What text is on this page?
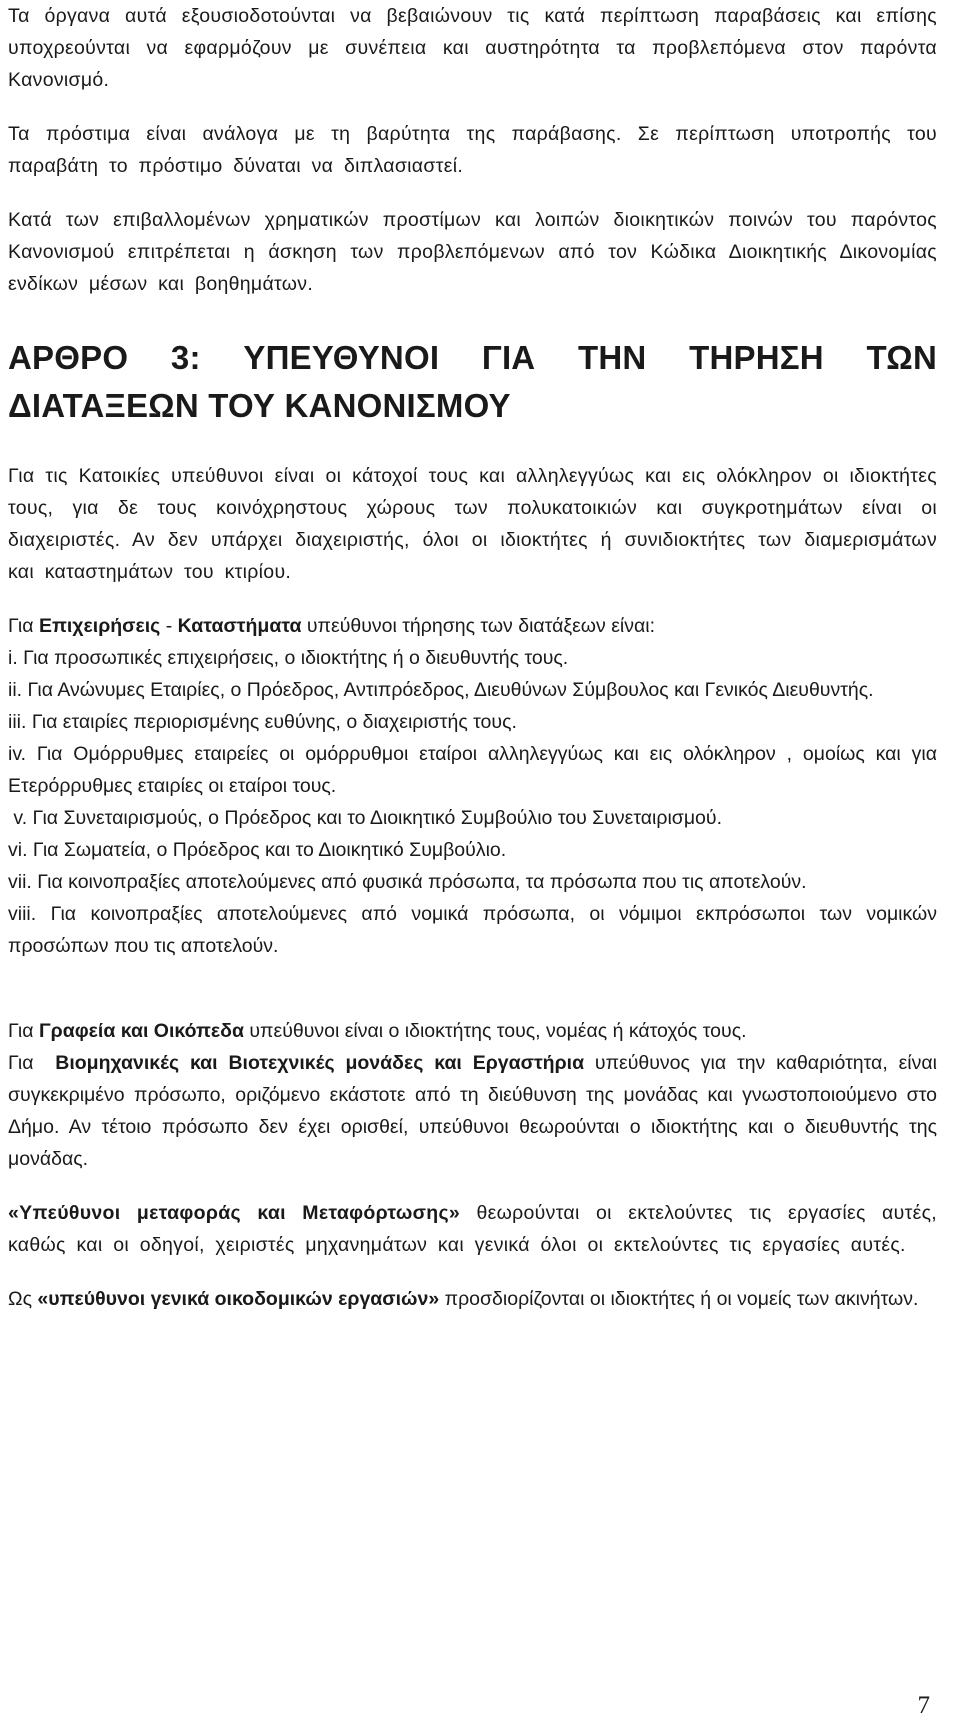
Τα όργανα αυτά εξουσιοδοτούνται να βεβαιώνουν τις κατά περίπτωση παραβάσεις και επίσης υποχρεούνται να εφαρμόζουν με συνέπεια και αυστηρότητα τα προβλεπόμενα στον παρόντα Κανονισμό.

Τα πρόστιμα είναι ανάλογα με τη βαρύτητα της παράβασης. Σε περίπτωση υποτροπής του παραβάτη το πρόστιμο δύναται να διπλασιαστεί.

Κατά των επιβαλλομένων χρηματικών προστίμων και λοιπών διοικητικών ποινών του παρόντος Κανονισμού επιτρέπεται η άσκηση των προβλεπόμενων από τον Κώδικα Διοικητικής Δικονομίας ενδίκων μέσων και βοηθημάτων.

ΑΡΘΡΟ 3: ΥΠΕΥΘΥΝΟΙ ΓΙΑ ΤΗΝ ΤΗΡΗΣΗ ΤΩΝ
ΔΙΑΤΑΞΕΩΝ ΤΟΥ ΚΑΝΟΝΙΣΜΟΥ

Για τις Κατοικίες υπεύθυνοι είναι οι κάτοχοί τους και αλληλεγγύως και εις ολόκληρον οι ιδιοκτήτες τους, για δε τους κοινόχρηστους χώρους των πολυκατοικιών και συγκροτημάτων είναι οι διαχειριστές. Αν δεν υπάρχει διαχειριστής, όλοι οι ιδιοκτήτες ή συνιδιοκτήτες των διαμερισμάτων και καταστημάτων του κτιρίου.

Για Επιχειρήσεις - Καταστήματα υπεύθυνοι τήρησης των διατάξεων είναι:

i. Για προσωπικές επιχειρήσεις, ο ιδιοκτήτης ή ο διευθυντής τους.

ii. Για Ανώνυμες Εταιρίες, ο Πρόεδρος, Αντιπρόεδρος, Διευθύνων Σύμβουλος και Γενικός Διευθυντής.

iii. Για εταιρίες περιορισμένης ευθύνης, ο διαχειριστής τους.

iv. Για Ομόρρυθμες εταιρείες οι ομόρρυθμοι εταίροι αλληλεγγύως και εις ολόκληρον , ομοίως και για Ετερόρρυθμες εταιρίες οι εταίροι τους.

v. Για Συνεταιρισμούς, ο Πρόεδρος και το Διοικητικό Συμβούλιο του Συνεταιρισμού.

vi. Για Σωματεία, ο Πρόεδρος και το Διοικητικό Συμβούλιο.

vii. Για κοινοπραξίες αποτελούμενες από φυσικά πρόσωπα, τα πρόσωπα που τις αποτελούν.

viii. Για κοινοπραξίες αποτελούμενες από νομικά πρόσωπα, οι νόμιμοι εκπρόσωποι των νομικών προσώπων που τις αποτελούν.

Για Γραφεία και Οικόπεδα υπεύθυνοι είναι ο ιδιοκτήτης τους, νομέας ή κάτοχός τους.

Για  Βιομηχανικές και Βιοτεχνικές μονάδες και Εργαστήρια υπεύθυνος για την καθαριότητα, είναι συγκεκριμένο πρόσωπο, οριζόμενο εκάστοτε από τη διεύθυνση της μονάδας και γνωστοποιούμενο στο Δήμο. Αν τέτοιο πρόσωπο δεν έχει ορισθεί, υπεύθυνοι θεωρούνται ο ιδιοκτήτης και ο διευθυντής της μονάδας.

«Υπεύθυνοι μεταφοράς και Μεταφόρτωσης» θεωρούνται οι εκτελούντες τις εργασίες αυτές, καθώς και οι οδηγοί, χειριστές μηχανημάτων και γενικά όλοι οι εκτελούντες τις εργασίες αυτές.

Ως «υπεύθυνοι γενικά οικοδομικών εργασιών» προσδιορίζονται οι ιδιοκτήτες ή οι νομείς των ακινήτων.

7
